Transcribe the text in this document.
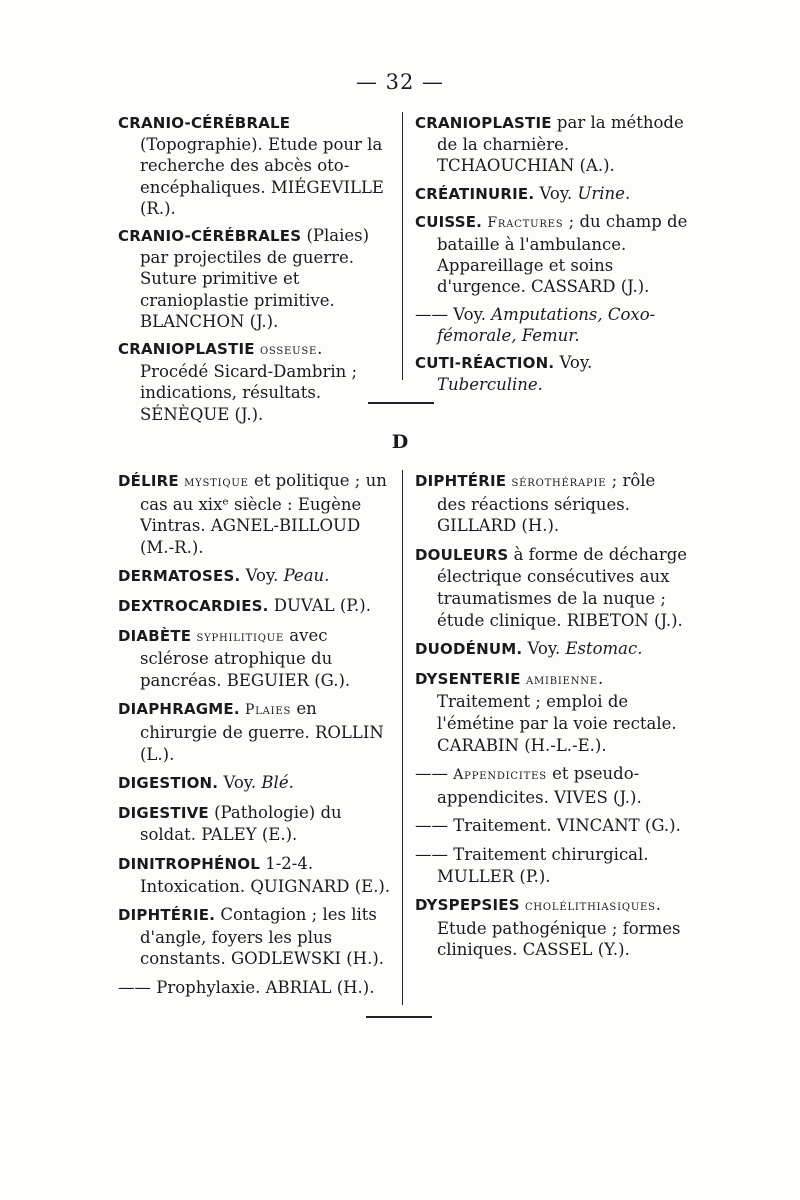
— 32 —

CRANIO-CÉRÉBRALE (Topographie). Etude pour la recherche des abcès oto-encéphaliques. MIÉGEVILLE (R.).

CRANIO-CÉRÉBRALES (Plaies) par projectiles de guerre. Suture primitive et cranioplastie primitive. BLANCHON (J.).

CRANIOPLASTIE osseuse. Procédé Sicard-Dambrin ; indications, résultats. SÉNÈQUE (J.).

CRANIOPLASTIE par la méthode de la charnière. TCHAOUCHIAN (A.).

CRÉATINURIE. Voy. Urine.

CUISSE. Fractures ; du champ de bataille à l'ambulance. Appareillage et soins d'urgence. CASSARD (J.).

—— Voy. Amputations, Coxo-fémorale, Femur.

CUTI-RÉACTION. Voy. Tuberculine.

D

DÉLIRE mystique et politique ; un cas au xixᵉ siècle : Eugène Vintras. AGNEL-BILLOUD (M.-R.).

DERMATOSES. Voy. Peau.

DEXTROCARDIES. DUVAL (P.).

DIABÈTE syphilitique avec sclérose atrophique du pancréas. BEGUIER (G.).

DIAPHRAGME. Plaies en chirurgie de guerre. ROLLIN (L.).

DIGESTION. Voy. Blé.

DIGESTIVE (Pathologie) du soldat. PALEY (E.).

DINITROPHÉNOL 1-2-4. Intoxication. QUIGNARD (E.).

DIPHTÉRIE. Contagion ; les lits d'angle, foyers les plus constants. GODLEWSKI (H.).

—— Prophylaxie. ABRIAL (H.).

DIPHTÉRIE sérothérapie ; rôle des réactions sériques. GILLARD (H.).

DOULEURS à forme de décharge électrique consécutives aux traumatismes de la nuque ; étude clinique. RIBETON (J.).

DUODÉNUM. Voy. Estomac.

DYSENTERIE amibienne. Traitement ; emploi de l'émétine par la voie rectale. CARABIN (H.-L.-E.).

—— Appendicites et pseudo-appendicites. VIVES (J.).

—— Traitement. VINCANT (G.).

—— Traitement chirurgical. MULLER (P.).

DYSPEPSIES cholélithiasiques. Etude pathogénique ; formes cliniques. CASSEL (Y.).
